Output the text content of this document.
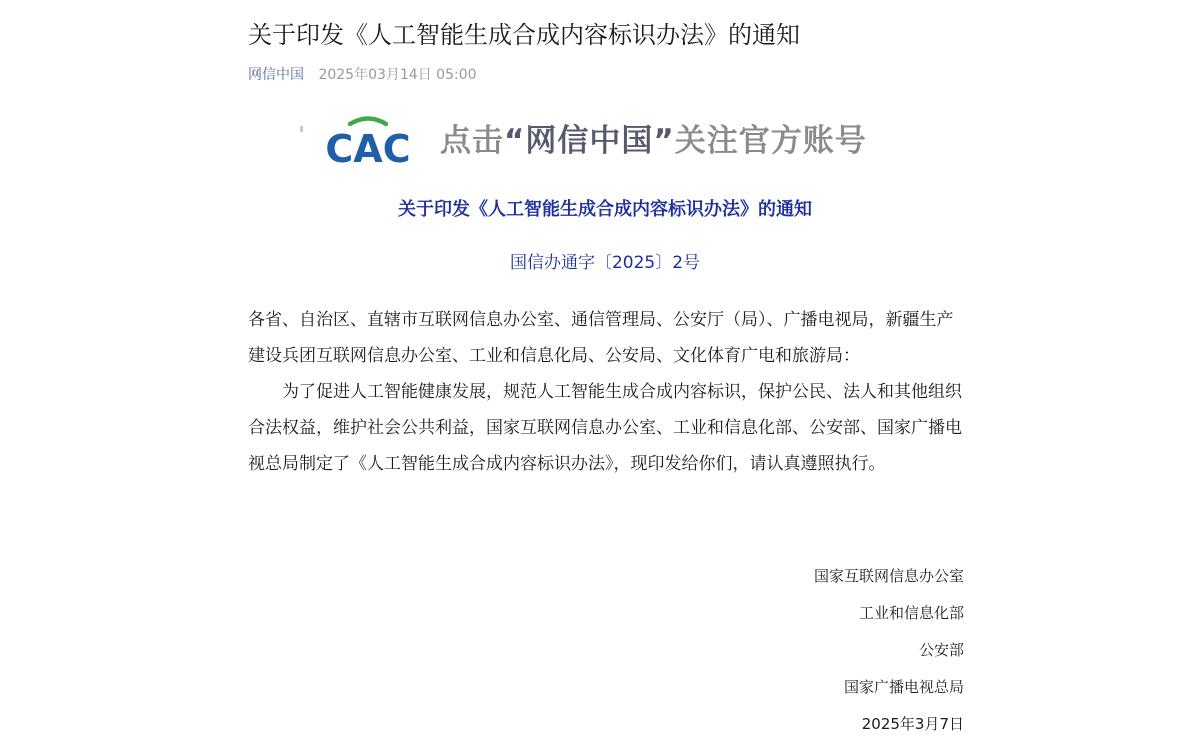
关于印发《人工智能生成合成内容标识办法》的通知
网信中国 2025年03月14日 05:00
CAC 点击“网信中国”关注官方账号
关于印发《人工智能生成合成内容标识办法》的通知
国信办通字〔2025〕2号

各省、自治区、直辖市互联网信息办公室、通信管理局、公安厅（局）、广播电视局，新疆生产建设兵团互联网信息办公室、工业和信息化局、公安局、文化体育广电和旅游局：

为了促进人工智能健康发展，规范人工智能生成合成内容标识，保护公民、法人和其他组织合法权益，维护社会公共利益，国家互联网信息办公室、工业和信息化部、公安部、国家广播电视总局制定了《人工智能生成合成内容标识办法》，现印发给你们，请认真遵照执行。

国家互联网信息办公室
工业和信息化部
公安部
国家广播电视总局
2025年3月7日
